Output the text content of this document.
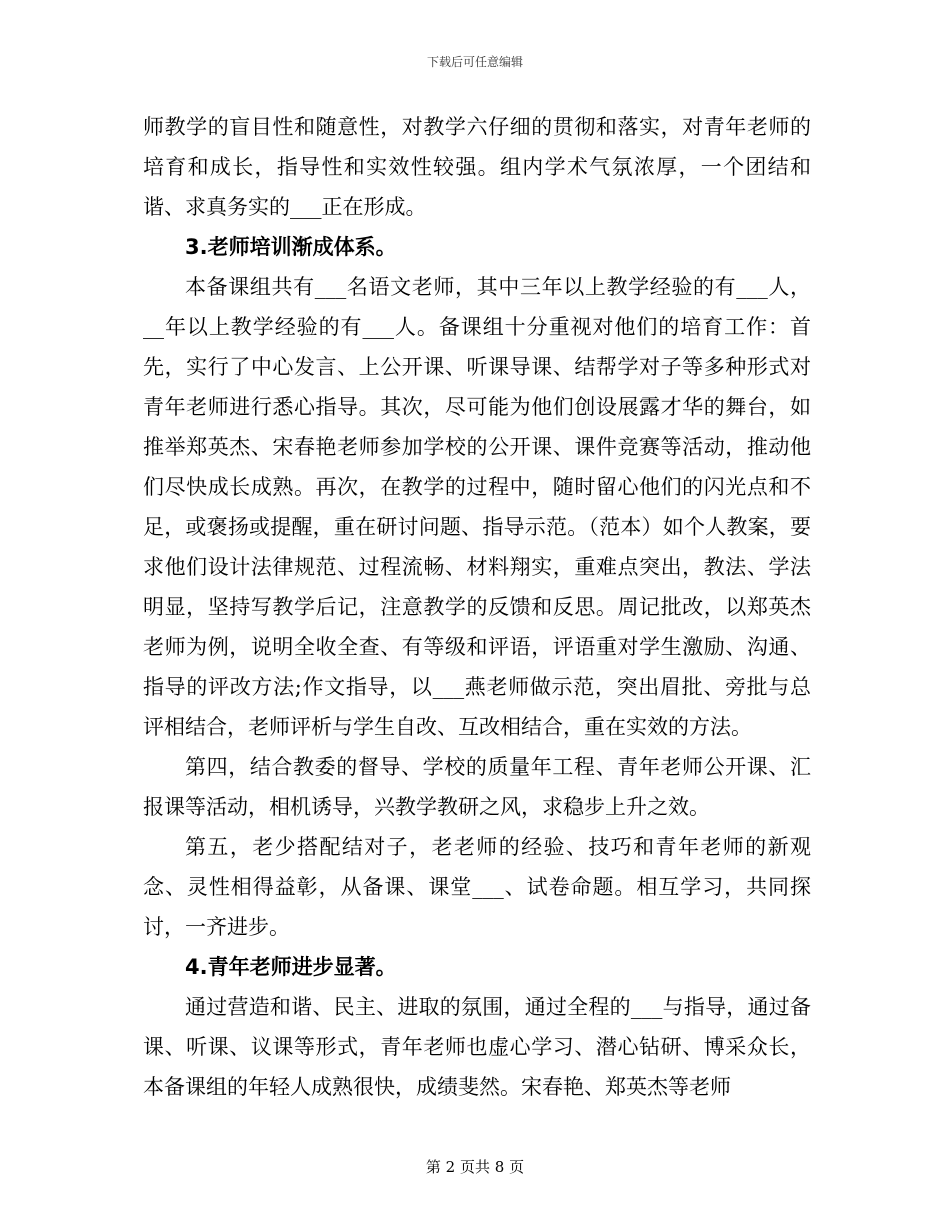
下载后可任意编辑

师教学的盲目性和随意性，对教学六仔细的贯彻和落实，对青年老师的培育和成长，指导性和实效性较强。组内学术气氛浓厚，一个团结和谐、求真务实的___正在形成。

3.老师培训渐成体系。

本备课组共有___名语文老师，其中三年以上教学经验的有___人，__年以上教学经验的有___人。备课组十分重视对他们的培育工作：首先，实行了中心发言、上公开课、听课导课、结帮学对子等多种形式对青年老师进行悉心指导。其次，尽可能为他们创设展露才华的舞台，如推举郑英杰、宋春艳老师参加学校的公开课、课件竞赛等活动，推动他们尽快成长成熟。再次，在教学的过程中，随时留心他们的闪光点和不足，或褒扬或提醒，重在研讨问题、指导示范。（范本）如个人教案，要求他们设计法律规范、过程流畅、材料翔实，重难点突出，教法、学法明显，坚持写教学后记，注意教学的反馈和反思。周记批改，以郑英杰老师为例，说明全收全查、有等级和评语，评语重对学生激励、沟通、指导的评改方法;作文指导，以___燕老师做示范，突出眉批、旁批与总评相结合，老师评析与学生自改、互改相结合，重在实效的方法。

第四，结合教委的督导、学校的质量年工程、青年老师公开课、汇报课等活动，相机诱导，兴教学教研之风，求稳步上升之效。

第五，老少搭配结对子，老老师的经验、技巧和青年老师的新观念、灵性相得益彰，从备课、课堂___、试卷命题。相互学习，共同探讨，一齐进步。

4.青年老师进步显著。

通过营造和谐、民主、进取的氛围，通过全程的___与指导，通过备课、听课、议课等形式，青年老师也虚心学习、潜心钻研、博采众长，本备课组的年轻人成熟很快，成绩斐然。宋春艳、郑英杰等老师

第 2 页共 8 页
